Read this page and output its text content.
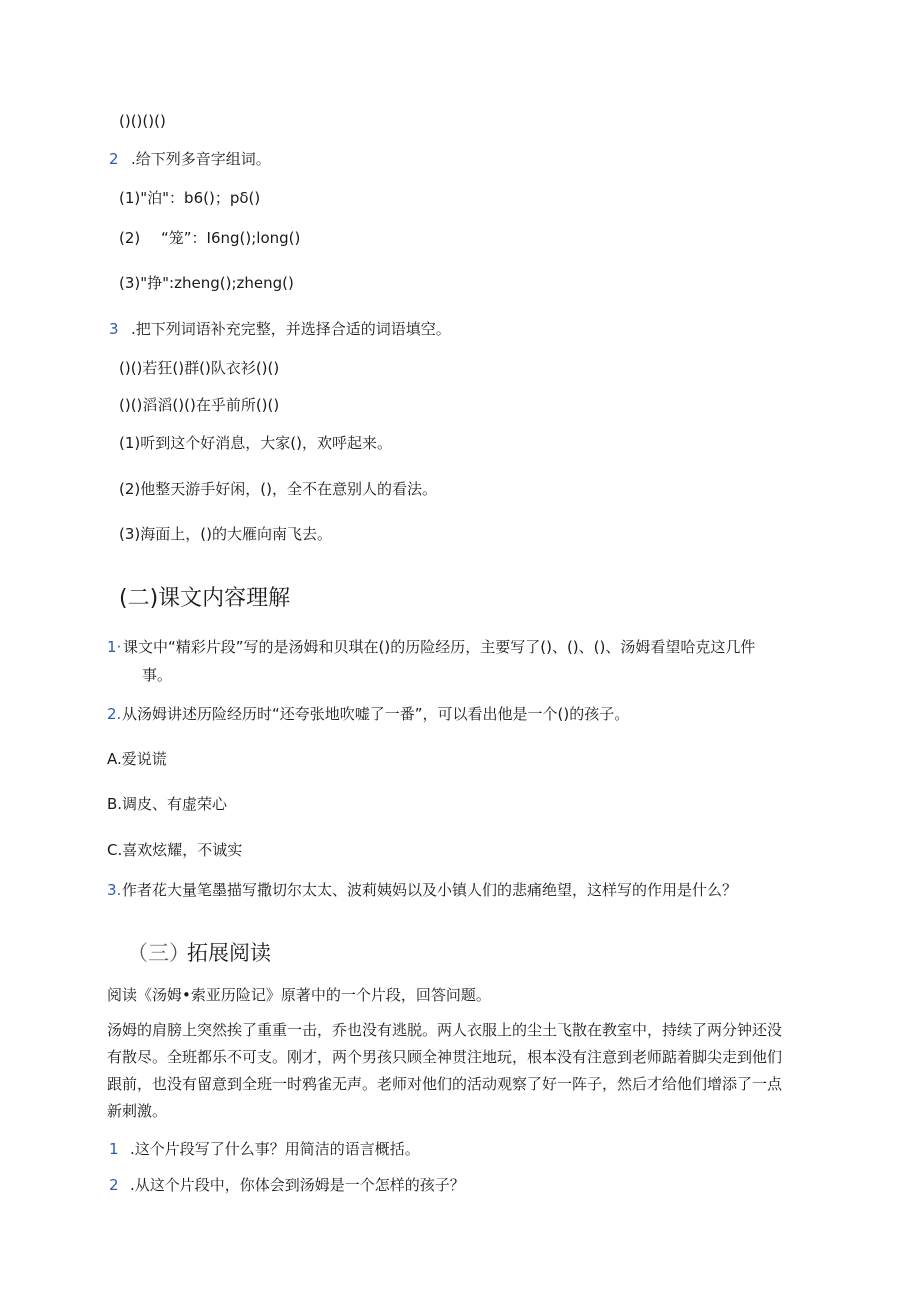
()()()()
2 .给下列多音字组词。
(1)"泊"：b6()；pδ()
(2) “笼”：I6ng();long()
(3)"挣":zheng();zheng()
3 .把下列词语补充完整，并选择合适的词语填空。
()()若狂()群()队衣衫()()
()()滔滔()()在乎前所()()
(1)听到这个好消息，大家()，欢呼起来。
(2)他整天游手好闲，()，全不在意别人的看法。
(3)海面上，()的大雁向南飞去。
(二)课文内容理解
1· 课文中“精彩片段”写的是汤姆和贝琪在()的历险经历，主要写了()、()、()、汤姆看望哈克这几件
事。
2. 从汤姆讲述历险经历时“还夸张地吹嘘了一番”，可以看出他是一个()的孩子。
A.爱说谎
B.调皮、有虚荣心
C.喜欢炫耀，不诚实
3. 作者花大量笔墨描写撒切尔太太、波莉姨妈以及小镇人们的悲痛绝望，这样写的作用是什么？
（三）
拓展阅读
阅读《汤姆•索亚历险记》原著中的一个片段，回答问题。
汤姆的肩膀上突然挨了重重一击，乔也没有逃脱。两人衣服上的尘土飞散在教室中，持续了两分钟还没
有散尽。全班都乐不可支。刚才，两个男孩只顾全神贯注地玩，根本没有注意到老师踮着脚尖走到他们
跟前，也没有留意到全班一时鸦雀无声。老师对他们的活动观察了好一阵子，然后才给他们增添了一点
新刺激。
1 .这个片段写了什么事？用简洁的语言概括。
2 .从这个片段中，你体会到汤姆是一个怎样的孩子？
